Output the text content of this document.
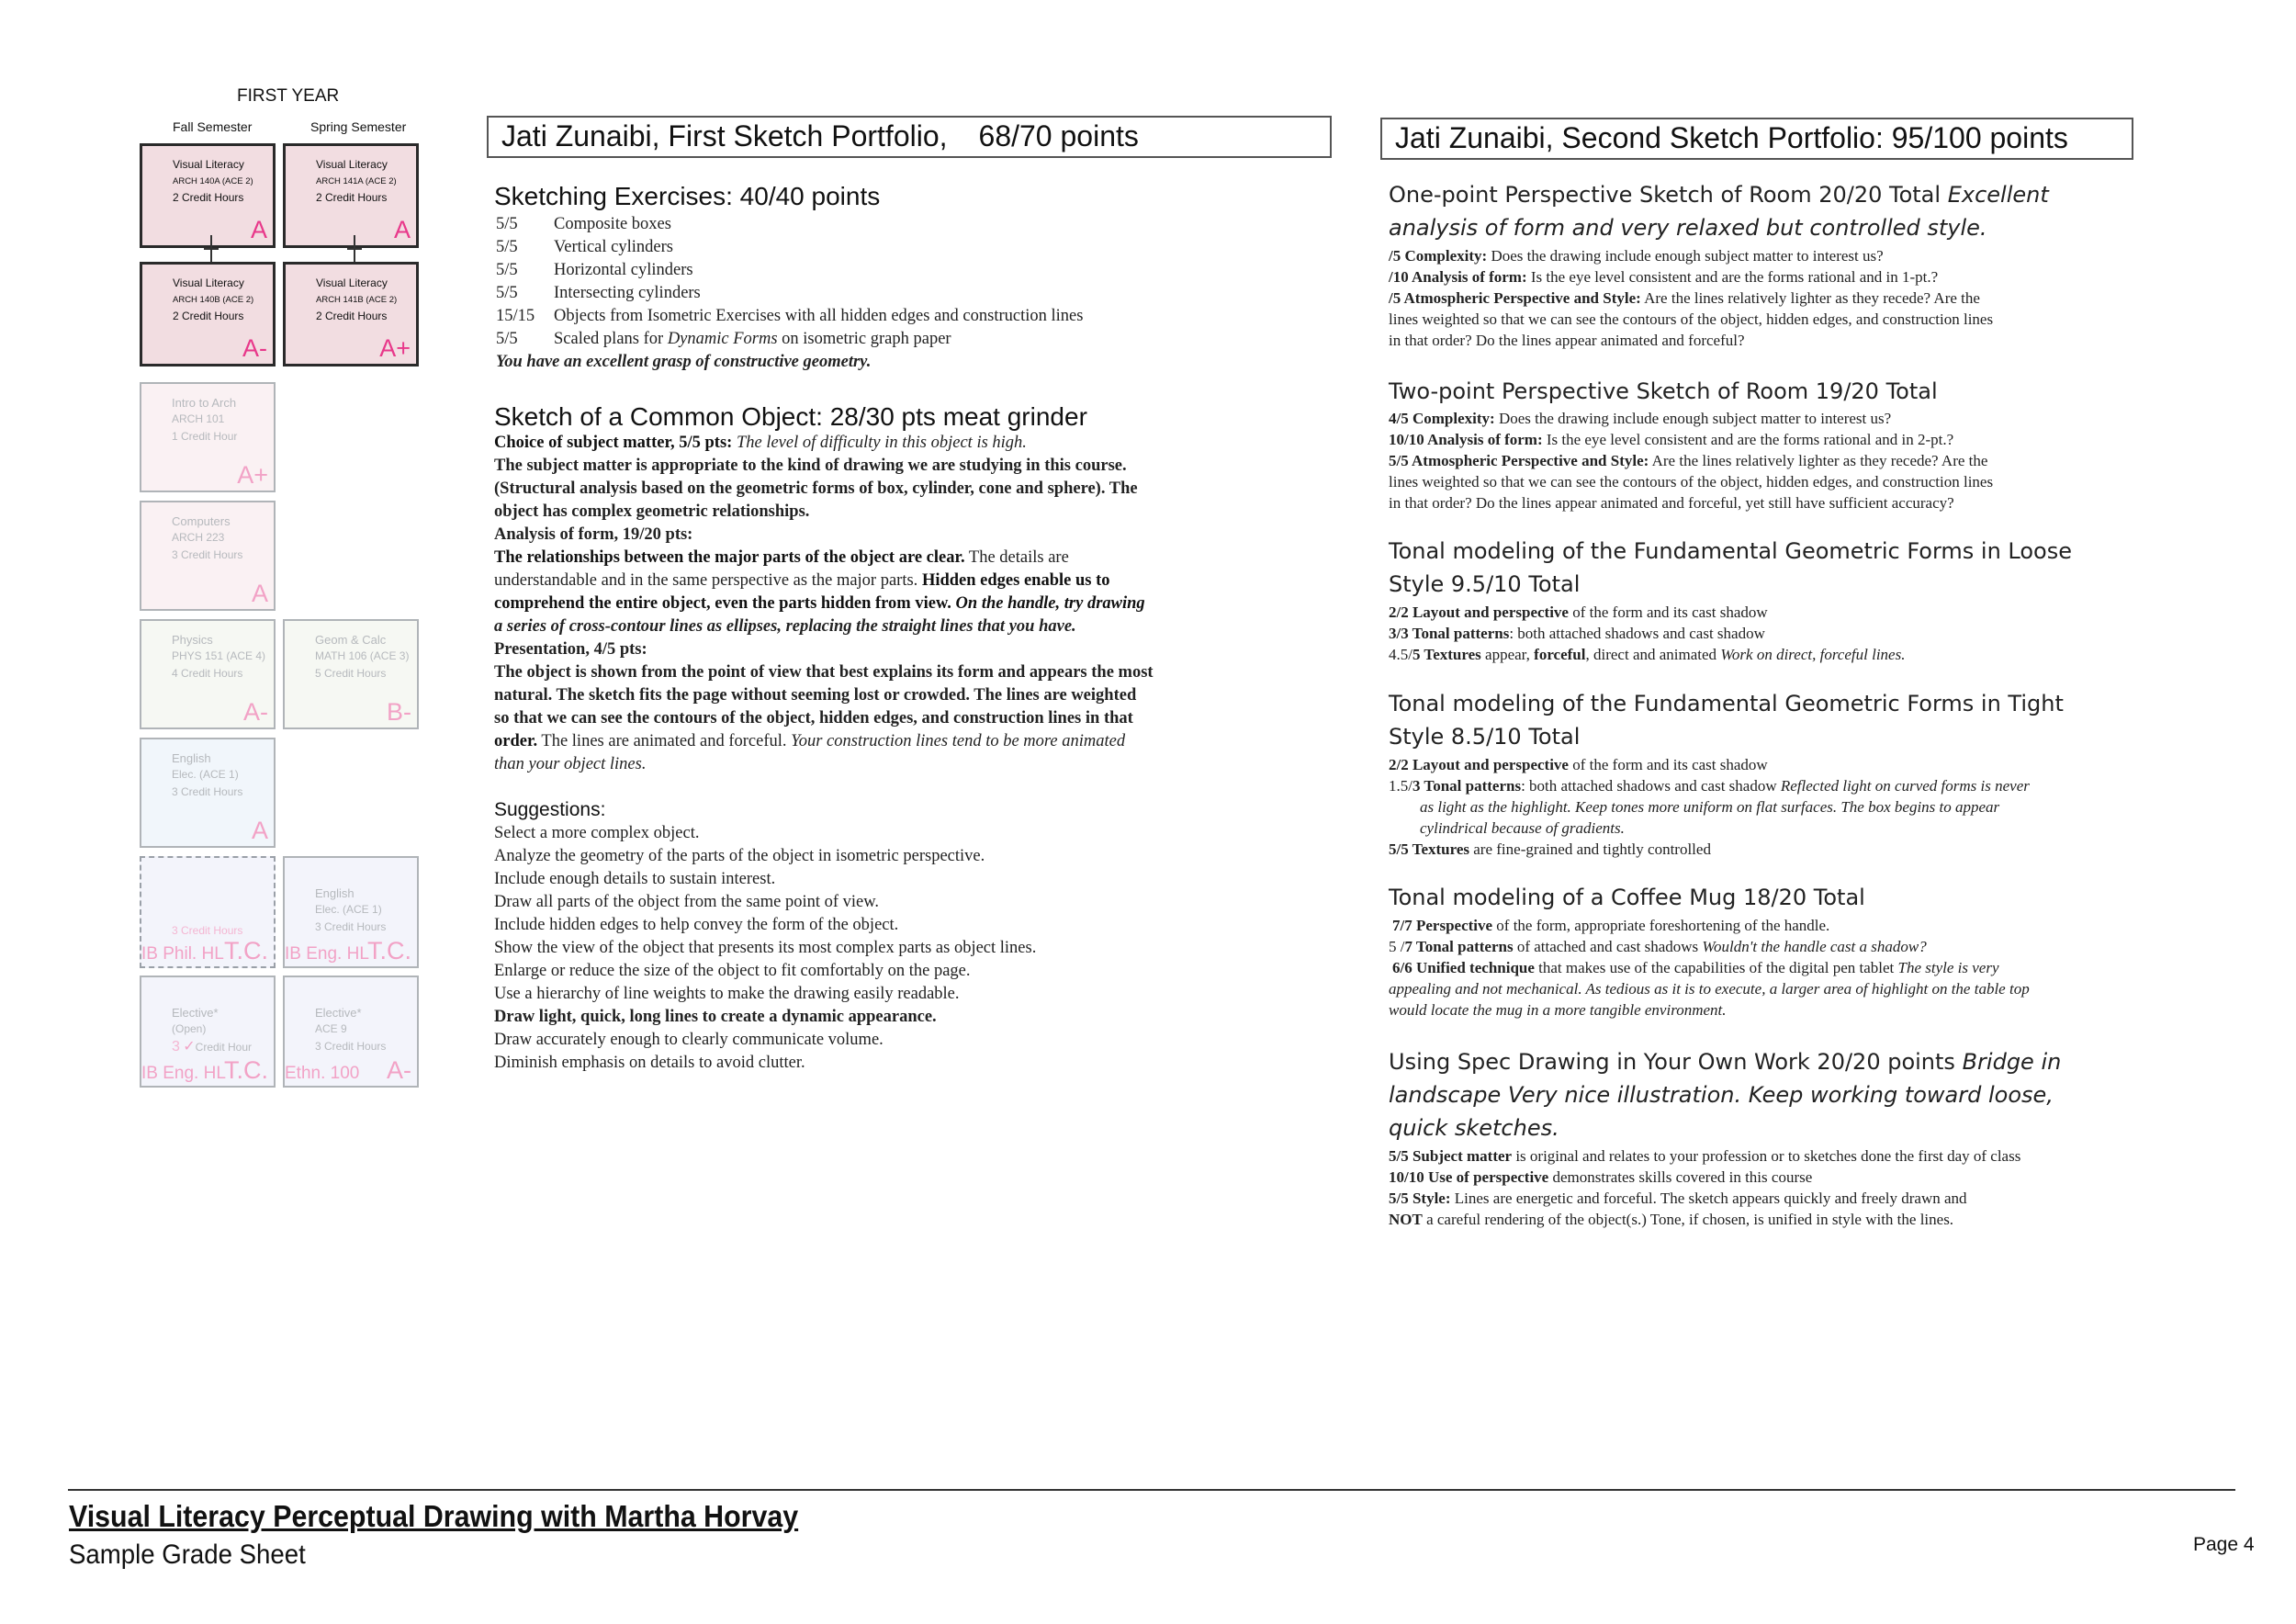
FIRST YEAR
Fall Semester	Spring Semester
Visual Literacy
ARCH 140A (ACE 2)
2 Credit Hours
A
Visual Literacy
ARCH 141A (ACE 2)
2 Credit Hours
A
Visual Literacy
ARCH 140B (ACE 2)
2 Credit Hours
A-
Visual Literacy
ARCH 141B (ACE 2)
2 Credit Hours
A+
Intro to Arch
ARCH 101
1 Credit Hour
A+
Computers
ARCH 223
3 Credit Hours
A
Physics
PHYS 151 (ACE 4)
4 Credit Hours
A-
Geom & Calc
MATH 106 (ACE 3)
5 Credit Hours
B-
English
Elec. (ACE 1)
3 Credit Hours
A
3 Credit Hours
IB Phil. HL T.C.
English
Elec. (ACE 1)
3 Credit Hours
IB Eng. HL
T.C.
Elective*
(Open)
3 ✓Credit Hour
IB Eng. HL
T.C.
Elective*
ACE 9
3 Credit Hours
Ethn. 100 A-
Jati Zunaibi, First Sketch Portfolio, 68/70 points
Sketching Exercises: 40/40 points
5/5 Composite boxes
5/5 Vertical cylinders
5/5 Horizontal cylinders
5/5 Intersecting cylinders
15/15 Objects from Isometric Exercises with all hidden edges and construction lines
5/5 Scaled plans for Dynamic Forms on isometric graph paper
You have an excellent grasp of constructive geometry.
Sketch of a Common Object: 28/30 pts meat grinder
Choice of subject matter, 5/5 pts: The level of difficulty in this object is high.
The subject matter is appropriate to the kind of drawing we are studying in this course.
(Structural analysis based on the geometric forms of box, cylinder, cone and sphere). The
object has complex geometric relationships.
Analysis of form, 19/20 pts:
The relationships between the major parts of the object are clear. The details are
understandable and in the same perspective as the major parts. Hidden edges enable us to
comprehend the entire object, even the parts hidden from view. On the handle, try drawing
a series of cross-contour lines as ellipses, replacing the straight lines that you have.
Presentation, 4/5 pts:
The object is shown from the point of view that best explains its form and appears the most
natural. The sketch fits the page without seeming lost or crowded. The lines are weighted
so that we can see the contours of the object, hidden edges, and construction lines in that
order. The lines are animated and forceful. Your construction lines tend to be more animated
than your object lines.
Suggestions:
Select a more complex object.
Analyze the geometry of the parts of the object in isometric perspective.
Include enough details to sustain interest.
Draw all parts of the object from the same point of view.
Include hidden edges to help convey the form of the object.
Show the view of the object that presents its most complex parts as object lines.
Enlarge or reduce the size of the object to fit comfortably on the page.
Use a hierarchy of line weights to make the drawing easily readable.
Draw light, quick, long lines to create a dynamic appearance.
Draw accurately enough to clearly communicate volume.
Diminish emphasis on details to avoid clutter.
Jati Zunaibi, Second Sketch Portfolio: 95/100 points
One-point Perspective Sketch of Room 20/20 Total Excellent
analysis of form and very relaxed but controlled style.
/5 Complexity: Does the drawing include enough subject matter to interest us?
/10 Analysis of form: Is the eye level consistent and are the forms rational and in 1-pt.?
/5 Atmospheric Perspective and Style: Are the lines relatively lighter as they recede? Are the
lines weighted so that we can see the contours of the object, hidden edges, and construction lines
in that order? Do the lines appear animated and forceful?
Two-point Perspective Sketch of Room 19/20 Total
4/5 Complexity: Does the drawing include enough subject matter to interest us?
10/10 Analysis of form: Is the eye level consistent and are the forms rational and in 2-pt.?
5/5 Atmospheric Perspective and Style: Are the lines relatively lighter as they recede? Are the
lines weighted so that we can see the contours of the object, hidden edges, and construction lines
in that order? Do the lines appear animated and forceful, yet still have sufficient accuracy?
Tonal modeling of the Fundamental Geometric Forms in Loose
Style 9.5/10 Total
2/2 Layout and perspective of the form and its cast shadow
3/3 Tonal patterns: both attached shadows and cast shadow
4.5/5 Textures appear, forceful, direct and animated Work on direct, forceful lines.
Tonal modeling of the Fundamental Geometric Forms in Tight
Style 8.5/10 Total
2/2 Layout and perspective of the form and its cast shadow
1.5/3 Tonal patterns: both attached shadows and cast shadow Reflected light on curved forms is never
as light as the highlight. Keep tones more uniform on flat surfaces. The box begins to appear
cylindrical because of gradients.
5/5 Textures are fine-grained and tightly controlled
Tonal modeling of a Coffee Mug 18/20 Total
7/7 Perspective of the form, appropriate foreshortening of the handle.
5 /7 Tonal patterns of attached and cast shadows Wouldn't the handle cast a shadow?
6/6 Unified technique that makes use of the capabilities of the digital pen tablet The style is very
appealing and not mechanical. As tedious as it is to execute, a larger area of highlight on the table top
would locate the mug in a more tangible environment.
Using Spec Drawing in Your Own Work 20/20 points Bridge in
landscape Very nice illustration. Keep working toward loose,
quick sketches.
5/5 Subject matter is original and relates to your profession or to sketches done the first day of class
10/10 Use of perspective demonstrates skills covered in this course
5/5 Style: Lines are energetic and forceful. The sketch appears quickly and freely drawn and
NOT a careful rendering of the object(s.) Tone, if chosen, is unified in style with the lines.
Visual Literacy Perceptual Drawing with Martha Horvay
Sample Grade Sheet	Page 4
